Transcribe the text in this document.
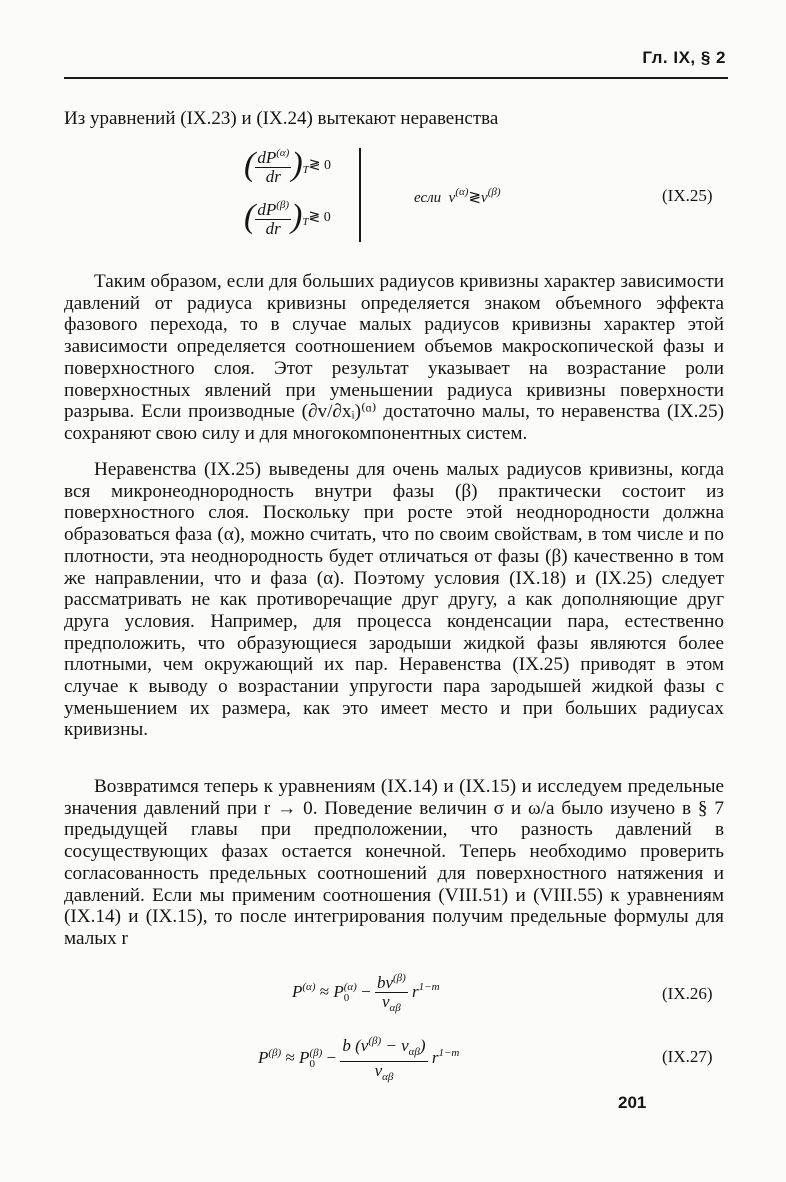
Гл. IX, § 2

Из уравнений (IX.23) и (IX.24) вытекают неравенства

( $\frac{dP^{(\alpha)}}{dr}$ )$_T≷$ 0
( $\frac{dP^{(\beta)}}{dr}$ )$_T≷$ 0
если $v^{(\alpha)}≷v^{(\beta)}$	(IX.25)

Таким образом, если для больших радиусов кривизны характер зависимости давлений от радиуса кривизны определяется знаком объемного эффекта фазового перехода, то в случае малых радиусов кривизны характер этой зависимости определяется соотношением объемов макроскопической фазы и поверхностного слоя. Этот результат указывает на возрастание роли поверхностных явлений при уменьшении радиуса кривизны поверхности разрыва. Если производные (∂v/∂xᵢ)⁽ᵅ⁾ достаточно малы, то неравенства (IX.25) сохраняют свою силу и для многокомпонентных систем.

Неравенства (IX.25) выведены для очень малых радиусов кривизны, когда вся микронеоднородность внутри фазы (β) практически состоит из поверхностного слоя. Поскольку при росте этой неоднородности должна образоваться фаза (α), можно считать, что по своим свойствам, в том числе и по плотности, эта неоднородность будет отличаться от фазы (β) качественно в том же направлении, что и фаза (α). Поэтому условия (IX.18) и (IX.25) следует рассматривать не как противоречащие друг другу, а как дополняющие друг друга условия. Например, для процесса конденсации пара, естественно предположить, что образующиеся зародыши жидкой фазы являются более плотными, чем окружающий их пар. Неравенства (IX.25) приводят в этом случае к выводу о возрастании упругости пара зародышей жидкой фазы с уменьшением их размера, как это имеет место и при больших радиусах кривизны.

Возвратимся теперь к уравнениям (IX.14) и (IX.15) и исследуем предельные значения давлений при r → 0. Поведение величин σ и ω/a было изучено в § 7 предыдущей главы при предположении, что разность давлений в сосуществующих фазах остается конечной. Теперь необходимо проверить согласованность предельных соотношений для поверхностного натяжения и давлений. Если мы применим соотношения (VIII.51) и (VIII.55) к уравнениям (IX.14) и (IX.15), то после интегрирования получим предельные формулы для малых r

$P^{(\alpha)} \approx P$ (α)
$0 - \frac{bv^{(\beta)}}{v_{\alpha\beta}} r^{1-m}$	(IX.26)
$P^{(\beta)} \approx P$ (β)
$0 - \frac{b (v^{(\beta)} - v_{\alpha\beta})}{v_{\alpha\beta}} r^{1-m}$	(IX.27)
201
